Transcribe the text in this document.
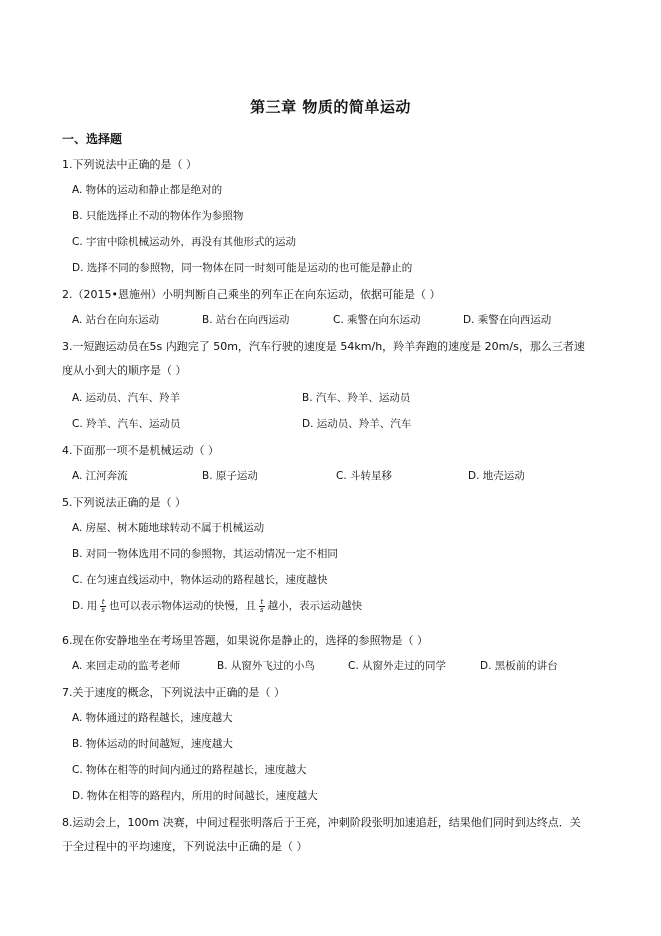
第三章 物质的简单运动
一、选择题
1.下列说法中正确的是（ ）
A. 物体的运动和静止都是绝对的
B. 只能选择止不动的物体作为参照物
C. 宇宙中除机械运动外，再没有其他形式的运动
D. 选择不同的参照物，同一物体在同一时刻可能是运动的也可能是静止的
2.（2015•恩施州）小明判断自己乘坐的列车正在向东运动，依据可能是（ ）
A. 站台在向东运动	B. 站台在向西运动	C. 乘警在向东运动	D. 乘警在向西运动
3.一短跑运动员在5s 内跑完了 50m，汽车行驶的速度是 54km/h，羚羊奔跑的速度是 20m/s，那么三者速
度从小到大的顺序是（ ）
A. 运动员、汽车、羚羊	B. 汽车、羚羊、运动员
C. 羚羊、汽车、运动员	D. 运动员、羚羊、汽车
4.下面那一项不是机械运动（ ）
A. 江河奔流	B. 原子运动	C. 斗转星移	D. 地壳运动
5.下列说法正确的是（ ）
A. 房屋、树木随地球转动不属于机械运动
B. 对同一物体选用不同的参照物，其运动情况一定不相同
C. 在匀速直线运动中，物体运动的路程越长，速度越快
D. 用 $\frac{t}{s}$ 也可以表示物体运动的快慢，且 $\frac{t}{s}$ 越小，表示运动越快
6.现在你安静地坐在考场里答题，如果说你是静止的，选择的参照物是（ ）
A. 来回走动的监考老师	B. 从窗外飞过的小鸟	C. 从窗外走过的同学	D. 黑板前的讲台
7.关于速度的概念，下列说法中正确的是（ ）
A. 物体通过的路程越长，速度越大
B. 物体运动的时间越短，速度越大
C. 物体在相等的时间内通过的路程越长，速度越大
D. 物体在相等的路程内，所用的时间越长，速度越大
8.运动会上，100m 决赛，中间过程张明落后于王亮，冲刺阶段张明加速追赶，结果他们同时到达终点．关
于全过程中的平均速度，下列说法中正确的是（ ）
